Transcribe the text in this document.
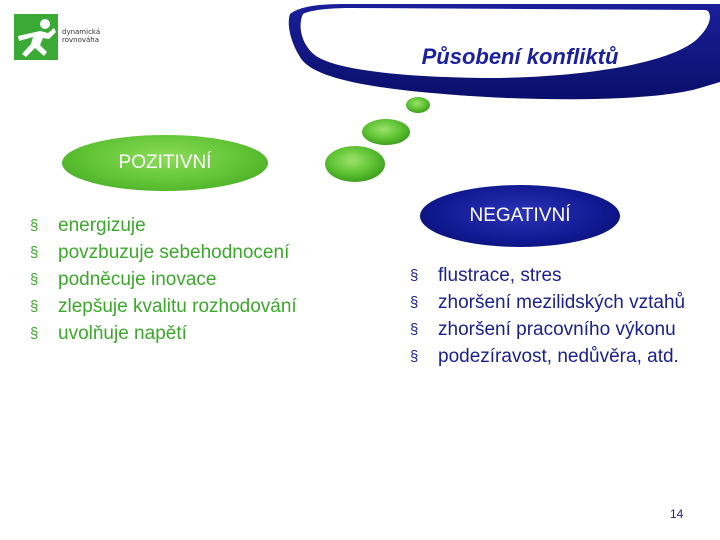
dynamická
rovnováha
Působení konfliktů
POZITIVNÍ
§ energizuje
§ povzbuzuje sebehodnocení
§ podněcuje inovace
§ zlepšuje kvalitu rozhodování
§ uvolňuje napětí
NEGATIVNÍ
§ flustrace, stres
§ zhoršení mezilidských vztahů
§ zhoršení pracovního výkonu
§ podezíravost, nedůvěra, atd.
14
